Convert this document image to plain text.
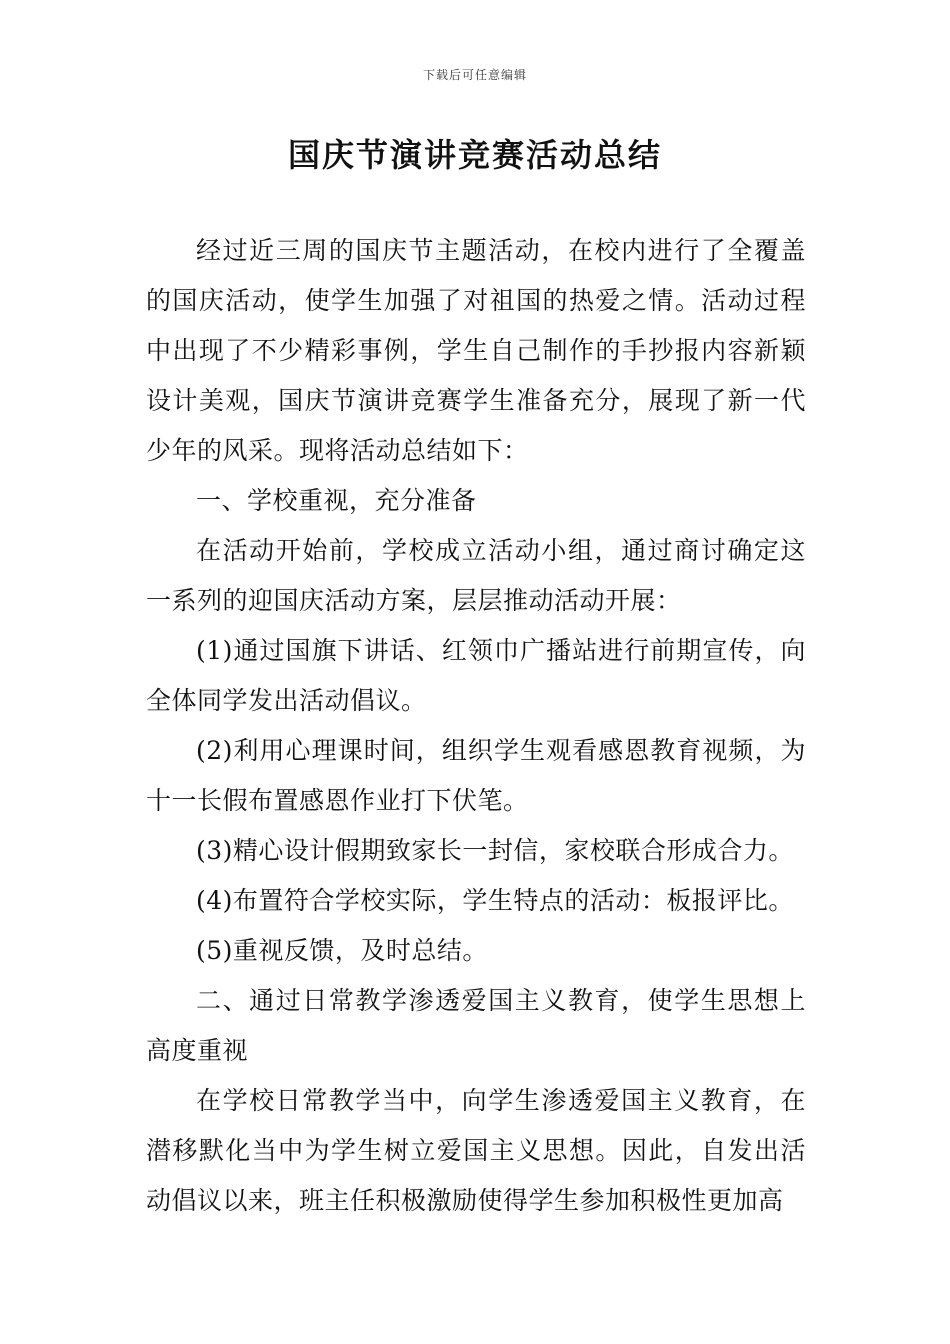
下载后可任意编辑
国庆节演讲竞赛活动总结

经过近三周的国庆节主题活动，在校内进行了全覆盖的国庆活动，使学生加强了对祖国的热爱之情。活动过程中出现了不少精彩事例，学生自己制作的手抄报内容新颖设计美观，国庆节演讲竞赛学生准备充分，展现了新一代少年的风采。现将活动总结如下：

一、学校重视，充分准备

在活动开始前，学校成立活动小组，通过商讨确定这一系列的迎国庆活动方案，层层推动活动开展：

(1)通过国旗下讲话、红领巾广播站进行前期宣传，向全体同学发出活动倡议。

(2)利用心理课时间，组织学生观看感恩教育视频，为十一长假布置感恩作业打下伏笔。

(3)精心设计假期致家长一封信，家校联合形成合力。

(4)布置符合学校实际，学生特点的活动：板报评比。

(5)重视反馈，及时总结。

二、通过日常教学渗透爱国主义教育，使学生思想上高度重视

在学校日常教学当中，向学生渗透爱国主义教育，在潜移默化当中为学生树立爱国主义思想。因此，自发出活动倡议以来，班主任积极激励使得学生参加积极性更加高
